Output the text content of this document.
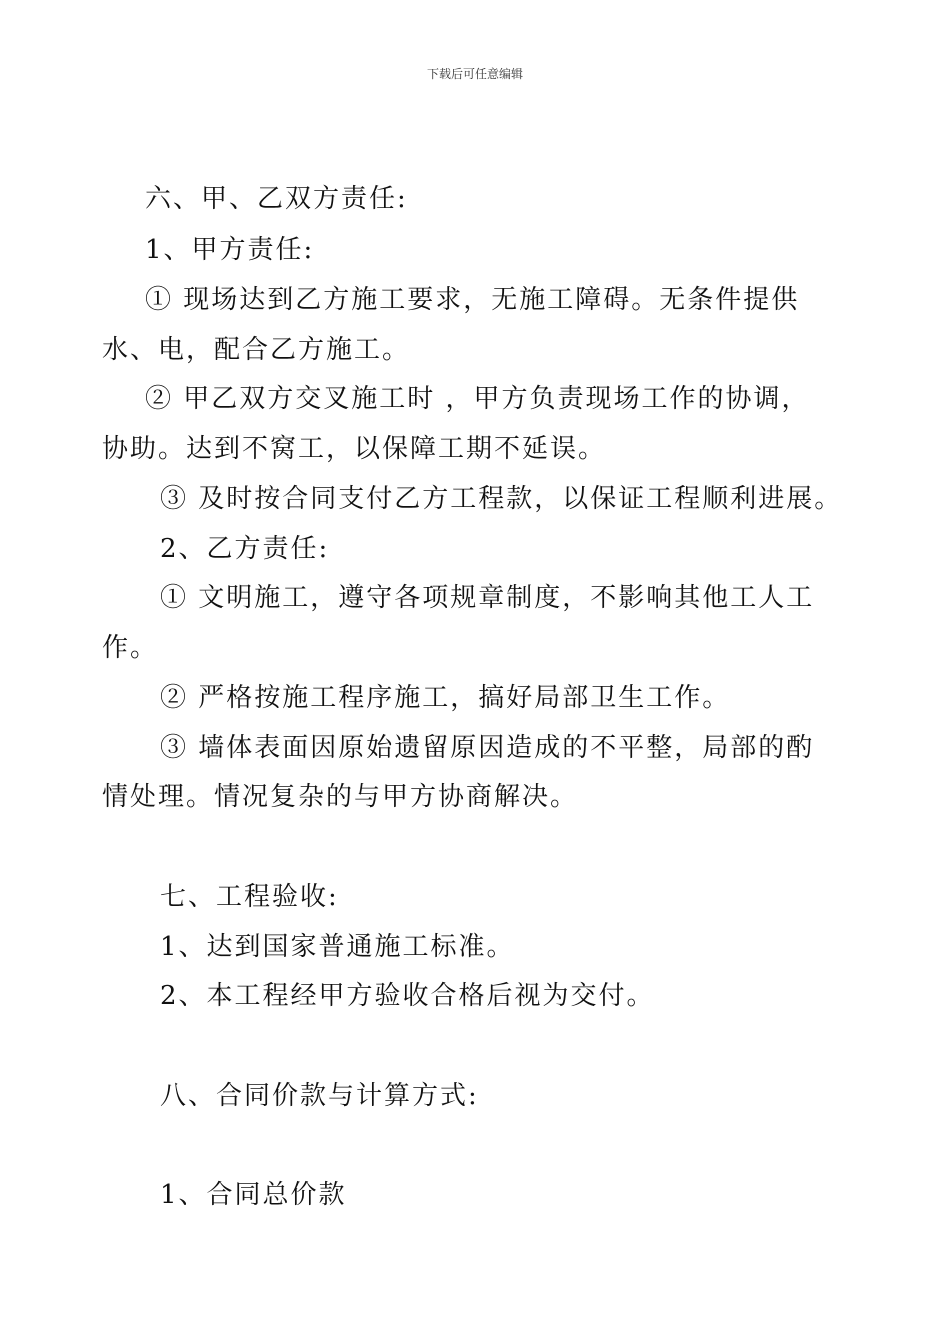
下载后可任意编辑
六、甲、乙双方责任:
1、甲方责任:
① 现场达到乙方施工要求，无施工障碍。无条件提供
水、电，配合乙方施工。
② 甲乙双方交叉施工时 ，甲方负责现场工作的协调，
协助。达到不窝工，以保障工期不延误。
③ 及时按合同支付乙方工程款，以保证工程顺利进展。
2、乙方责任:
① 文明施工，遵守各项规章制度，不影响其他工人工
作。
② 严格按施工程序施工，搞好局部卫生工作。
③ 墙体表面因原始遗留原因造成的不平整，局部的酌
情处理。情况复杂的与甲方协商解决。
七、工程验收:
1、达到国家普通施工标准。
2、本工程经甲方验收合格后视为交付。
八、合同价款与计算方式:
1、合同总价款
